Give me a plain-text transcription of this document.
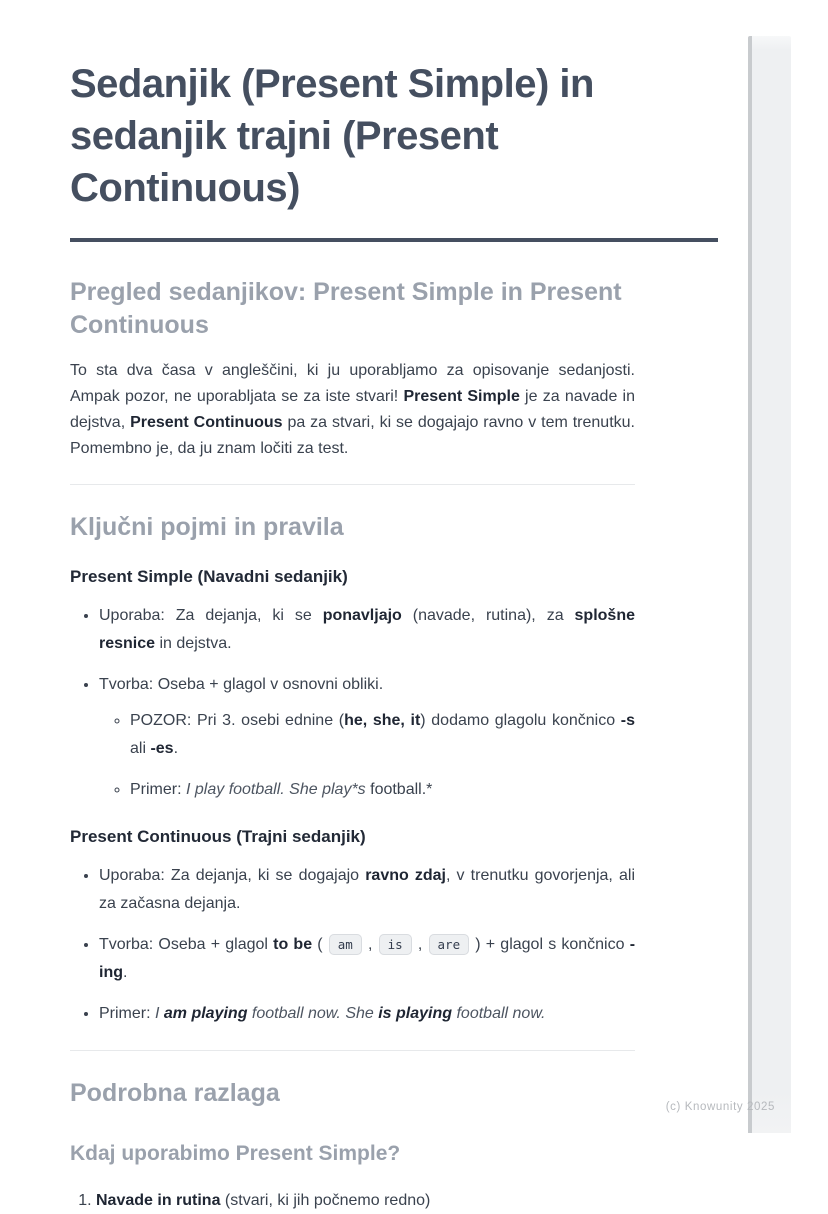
(c) Knowunity 2025
Sedanjik (Present Simple) in sedanjik trajni (Present Continuous)
Pregled sedanjikov: Present Simple in Present Continuous

To sta dva časa v angleščini, ki ju uporabljamo za opisovanje sedanjosti. Ampak pozor, ne uporabljata se za iste stvari! Present Simple je za navade in dejstva, Present Continuous pa za stvari, ki se dogajajo ravno v tem trenutku. Pomembno je, da ju znam ločiti za test.

Ključni pojmi in pravila
Present Simple (Navadni sedanjik)
• Uporaba: Za dejanja, ki se ponavljajo (navade, rutina), za splošne resnice in dejstva.
• Tvorba: Oseba + glagol v osnovni obliki.
◦ POZOR: Pri 3. osebi ednine (he, she, it) dodamo glagolu končnico -s ali -es.
◦ Primer: I play football. She play*s football.*
Present Continuous (Trajni sedanjik)
• Uporaba: Za dejanja, ki se dogajajo ravno zdaj, v trenutku govorjenja, ali za začasna dejanja.
• Tvorba: Oseba + glagol to be ( am , is , are ) + glagol s končnico -ing.
• Primer: I am playing football now. She is playing football now.
Podrobna razlaga
Kdaj uporabimo Present Simple?
1. Navade in rutina (stvari, ki jih počnemo redno)
